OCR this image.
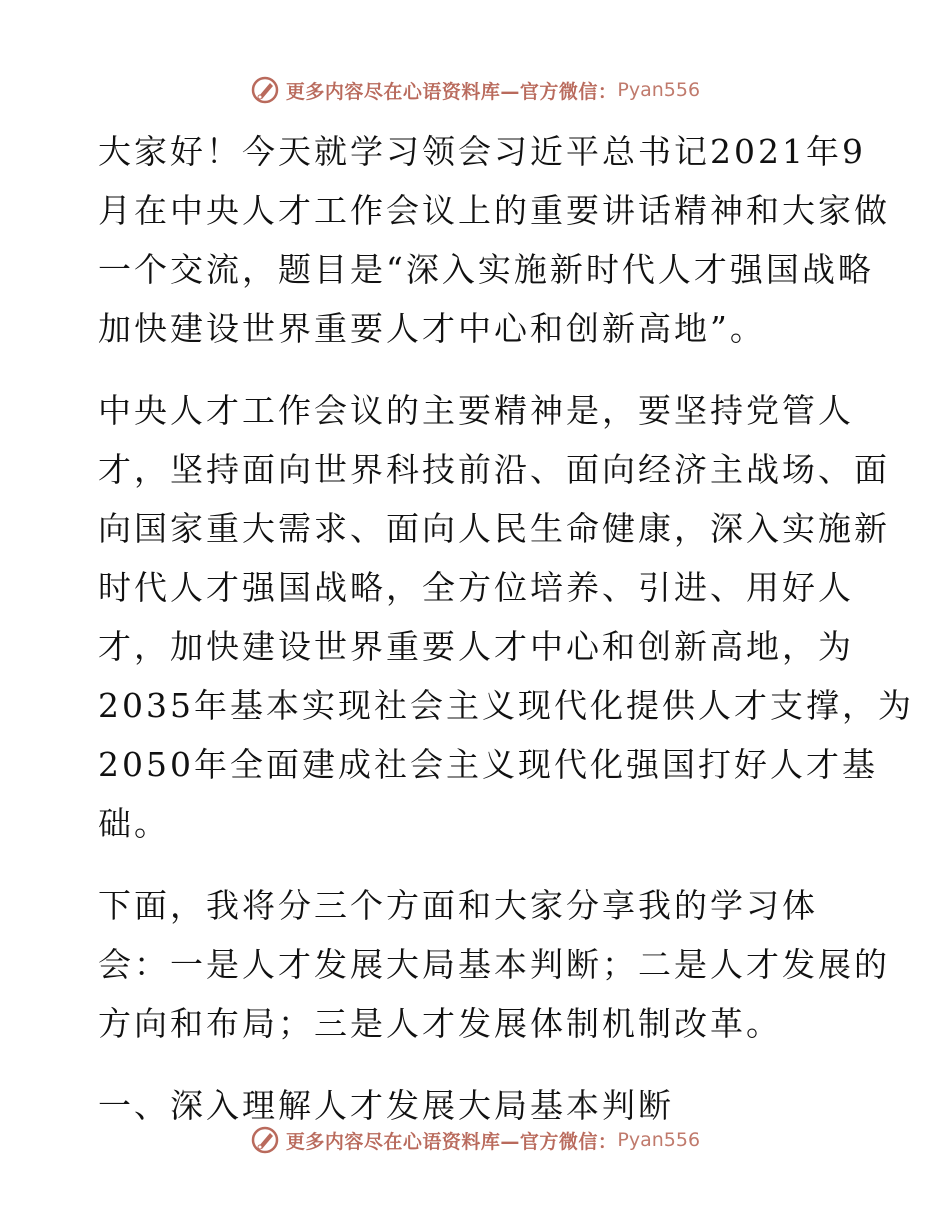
更多内容尽在心语资料库—官方微信： Pyan556
大家好！今天就学习领会习近平总书记2021年9
月在中央人才工作会议上的重要讲话精神和大家做
一个交流，题目是“深入实施新时代人才强国战略
加快建设世界重要人才中心和创新高地”。
中央人才工作会议的主要精神是，要坚持党管人
才，坚持面向世界科技前沿、面向经济主战场、面
向国家重大需求、面向人民生命健康，深入实施新
时代人才强国战略，全方位培养、引进、用好人
才，加快建设世界重要人才中心和创新高地，为
2035年基本实现社会主义现代化提供人才支撑，为
2050年全面建成社会主义现代化强国打好人才基
础。
下面，我将分三个方面和大家分享我的学习体
会：一是人才发展大局基本判断；二是人才发展的
方向和布局；三是人才发展体制机制改革。
一、深入理解人才发展大局基本判断
更多内容尽在心语资料库—官方微信： Pyan556
